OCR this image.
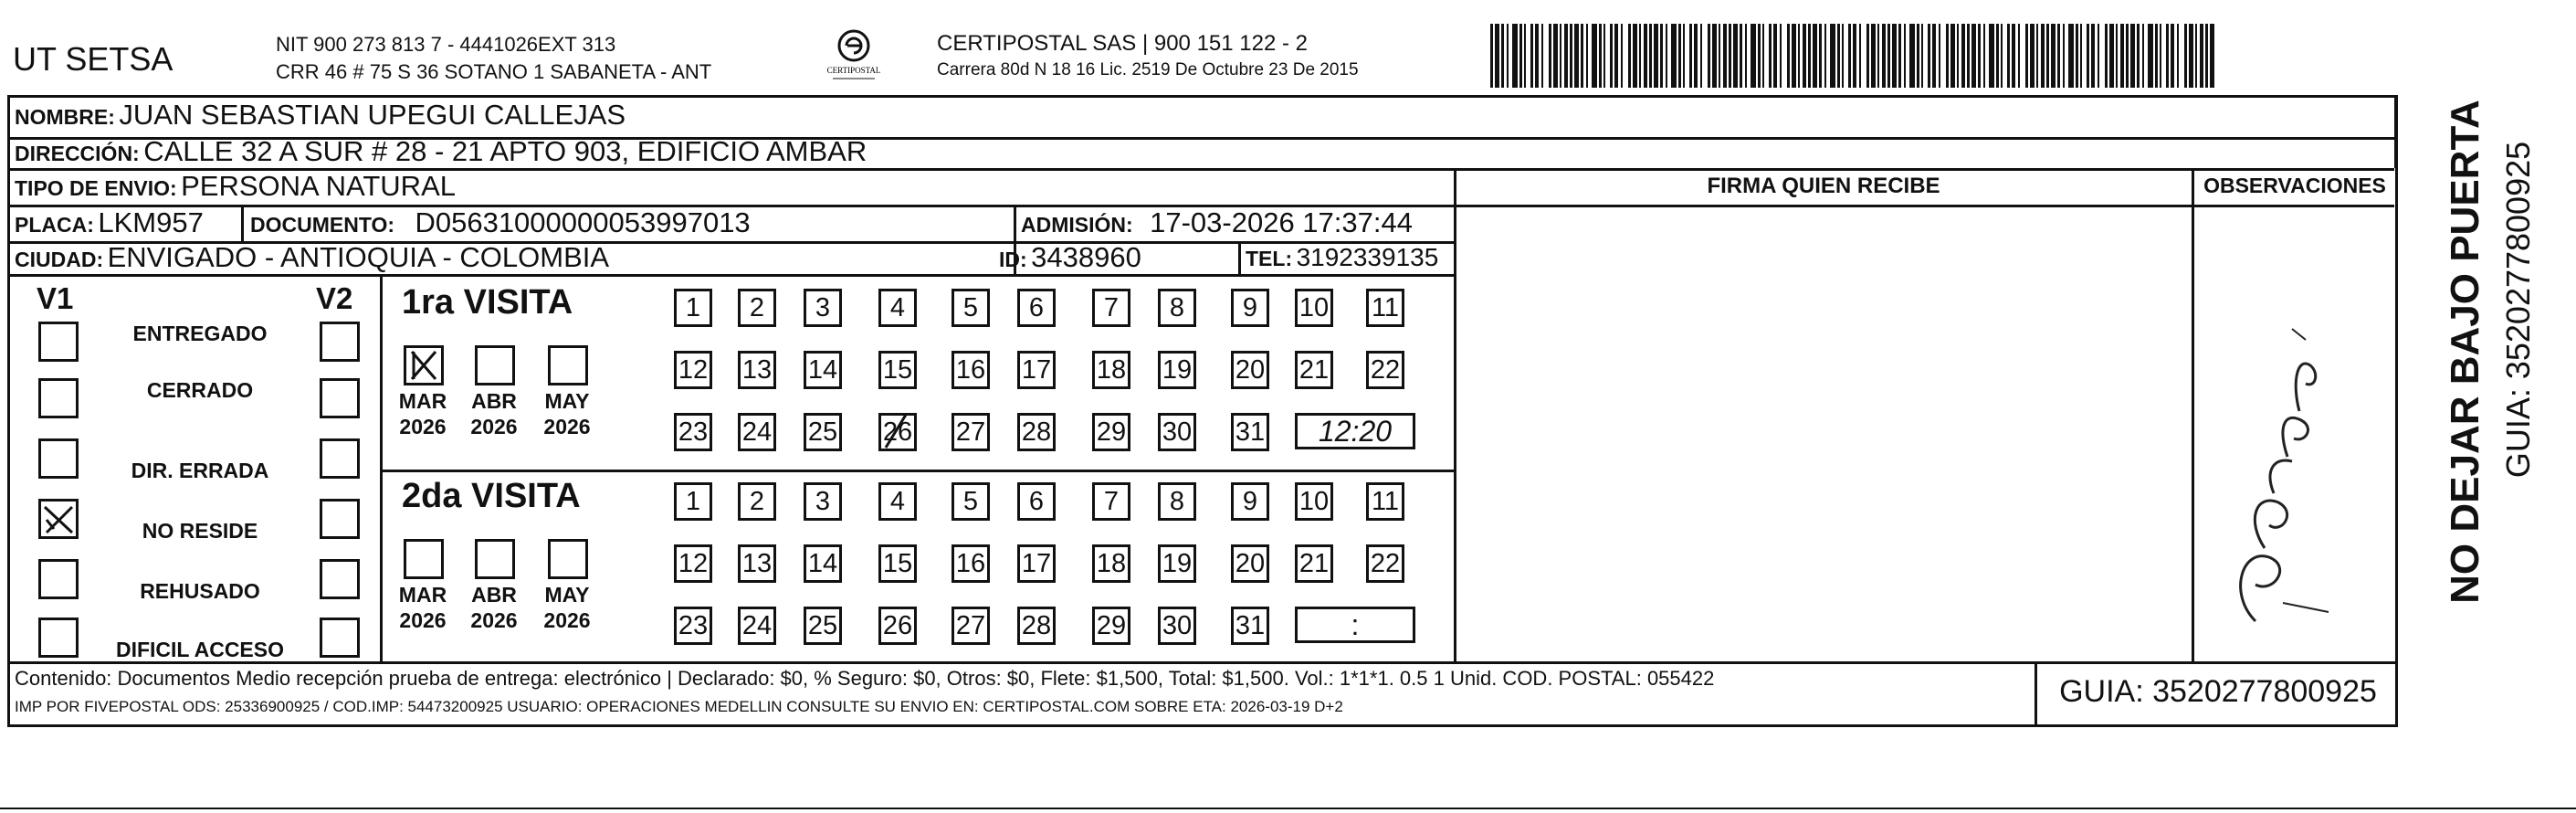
UT SETSA	NIT 900 273 813 7 - 4441026EXT 313
CRR 46 # 75 S 36 SOTANO 1 SABANETA - ANT	CERTIPOSTAL
CERTIPOSTAL SAS | 900 151 122 - 2
Carrera 80d N 18 16 Lic. 2519 De Octubre 23 De 2015
NOMBRE: JUAN SEBASTIAN UPEGUI CALLEJAS
DIRECCIÓN: CALLE 32 A SUR # 28 - 21 APTO 903, EDIFICIO AMBAR
TIPO DE ENVIO: PERSONA NATURAL
PLACA: LKM957 DOCUMENTO: D05631000000053997013	ADMISIÓN: 17-03-2026 17:37:44
CIUDAD: ENVIGADO - ANTIOQUIA - COLOMBIA	ID: 3438960	TEL: 3192339135
FIRMA QUIEN RECIBE	OBSERVACIONES
V1	V2
ENTREGADO
CERRADO
DIR. ERRADA
NO RESIDE
REHUSADO
DIFICIL ACCESO
1ra VISITA
2da VISITA
MAR
2026
ABR
2026
MAY
2026
1	2	3	4	5	6	7	8	9	10 11
12 13 14 15 16 17 18 19 20 21 22
23 24 25 26 27 28 29 30 31	12:20
MAR
2026
ABR
2026
MAY
2026
1	2	3	4	5	6	7	8	9	10 11
12 13 14 15 16 17 18 19 20 21 22
23 24 25 26 27 28 29 30 31	:
Contenido: Documentos Medio recepción prueba de entrega: electrónico | Declarado: $0, % Seguro: $0, Otros: $0, Flete: $1,500, Total: $1,500. Vol.: 1*1*1. 0.5 1 Unid. COD. POSTAL: 055422
IMP POR FIVEPOSTAL ODS: 25336900925 / COD.IMP: 54473200925 USUARIO: OPERACIONES MEDELLIN CONSULTE SU ENVIO EN: CERTIPOSTAL.COM SOBRE ETA: 2026-03-19 D+2	GUIA: 3520277800925
NO DEJAR BAJO PUERTA GUIA: 3520277800925
